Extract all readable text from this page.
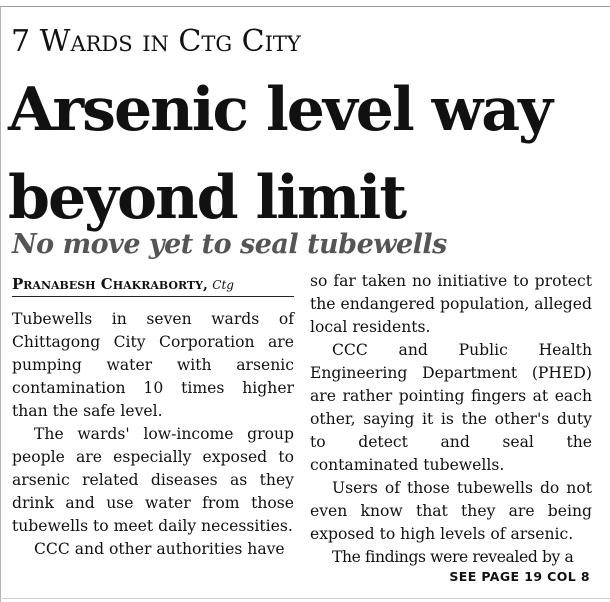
7 Wards in Ctg City
Arsenic level way
beyond limit
No move yet to seal tubewells
Pranabesh Chakraborty, Ctg

Tubewells in seven wards of Chittagong City Corporation are pumping water with arsenic contamination 10 times higher than the safe level.

The wards' low-income group people are especially exposed to arsenic related diseases as they drink and use water from those tubewells to meet daily necessities.

CCC and other authorities have

so far taken no initiative to protect the endangered population, alleged local residents.

CCC and Public Health Engineering Department (PHED) are rather pointing fingers at each other, saying it is the other's duty to detect and seal the contaminated tubewells.

Users of those tubewells do not even know that they are being exposed to high levels of arsenic.

The findings were revealed by a

SEE PAGE 19 COL 8
